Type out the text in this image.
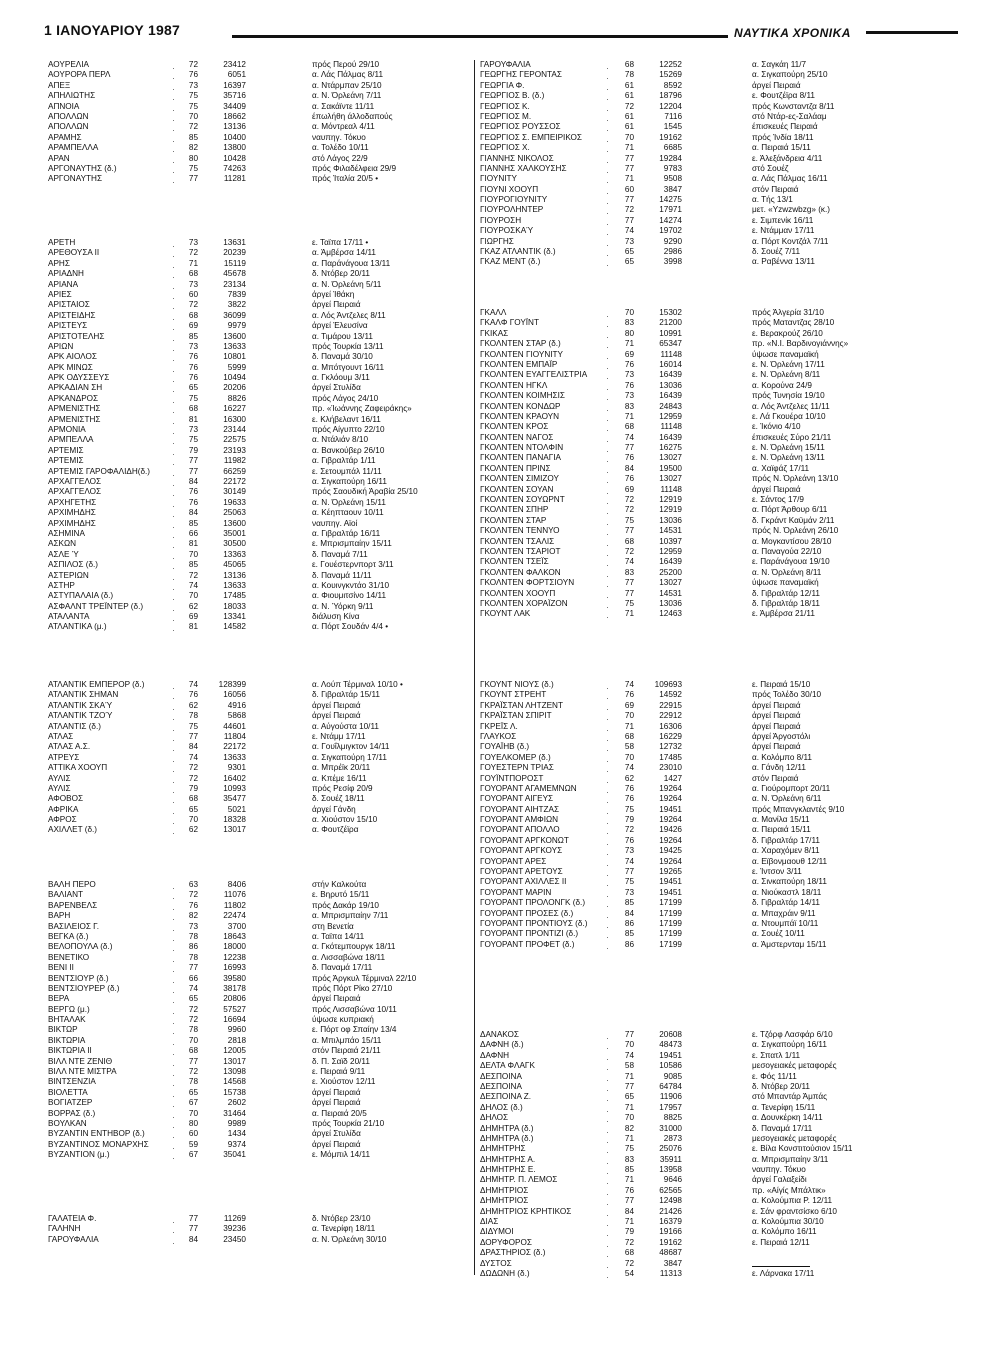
1 ΙΑΝΟΥΑΡΙΟΥ 1987	ΝΑΥΤΙΚΑ ΧΡΟΝΙΚΑ
ΑΟΥΡΕΛΙΑ	72	23412	πρός Περού 29/10
ΑΟΥΡΟΡΑ ΠΕΡΛ	76	6051	α. Λάς Πάλμας 8/11
ΑΠΕΞ	73	16397	α. Ντάρμπαν 25/10
ΑΠΗΛΙΩΤΗΣ	75	35716	α. Ν. Όρλεάνη 7/11
ΑΠΝΟΙΑ	75	34409	α. Σακάϊντε 11/11
ΑΠΟΛΛΩΝ	70	18662	έπωλήθη άλλοδαπούς
ΑΠΟΛΛΩΝ	72	13136	α. Μόντρεαλ 4/11
ΑΡΑΜΗΣ	85	10400	ναυπηγ. Τόκυο
ΑΡΑΜΠΕΛΛΑ	82	13800	α. Τολέδο 10/11
ΑΡΑΝ	80	10428	στό Λάγος 22/9
ΑΡΓΟΝΑΥΤΗΣ (δ.)	75	74263	πρός Φιλαδέλφεια 29/9
ΑΡΓΟΝΑΥΤΗΣ	77	11281	πρός Ίταλία 20/5 •
ΑΡΕΤΗ	73	13631	ε. Ταϊπα 17/11 •
ΑΡΕΘΟΥΣΑ ΙΙ	72	20239	α. Άμβέρσα 14/11
ΑΡΗΣ	71	15119	α. Παράνάγουα 13/11
ΑΡΙΑΔΝΗ	68	45678	δ. Ντόβερ 20/11
ΑΡΙΑΝΑ	73	23134	α. Ν. Όρλεάνη 5/11
ΑΡΙΕΣ	60	7839	άργεί Ίθάκη
ΑΡΙΣΤΑΙΟΣ	72	3822	άργεί Πειραιά
ΑΡΙΣΤΕΙΔΗΣ	68	36099	α. Λός Άντζελες 8/11
ΑΡΙΣΤΕΥΣ	69	9979	άργεί Έλευσίνα
ΑΡΙΣΤΟΤΕΛΗΣ	85	13600	α. Τιμάρου 13/11
ΑΡΙΩΝ	73	13633	πρός Τουρκία 13/11
ΑΡΚ ΑΙΟΛΟΣ	76	10801	δ. Παναμά 30/10
ΑΡΚ ΜΙΝΩΣ	76	5999	α. Μπότγουντ 16/11
ΑΡΚ ΟΔΥΣΣΕΥΣ	76	10494	α. Γκλόουμ 3/11
ΑΡΚΑΔΙΑΝ ΣΗ	65	20206	άργεί Στυλίδα
ΑΡΚΑΝΔΡΟΣ	75	8826	πρός Λάγος 24/10
ΑΡΜΕΝΙΣΤΗΣ	68	16227	πρ. «Ίωάννης Ζαφειράκης»
ΑΡΜΕΝΙΣΤΗΣ	81	16300	ε. Κλήβελαντ 16/11
ΑΡΜΟΝΙΑ	73	23144	πρός Αίγυπτο 22/10
ΑΡΜΠΕΛΛΑ	75	22575	α. Ντάλιάν 8/10
ΑΡΤΕΜΙΣ	79	23193	α. Βανκούβερ 26/10
ΑΡΤΕΜΙΣ	77	11982	α. Γιβραλτάρ 1/11
ΑΡΤΕΜΙΣ ΓΑΡΟΦΑΛΙΔΗ(δ.)	77	66259	ε. Σετουμπάλ 11/11
ΑΡΧΑΓΓΕΛΟΣ	84	22172	α. Σιγκαπούρη 16/11
ΑΡΧΑΓΓΕΛΟΣ	76	30149	πρός Σαουδική Άραβία 25/10
ΑΡΧΗΓΕΤΗΣ	76	19633	α. Ν. Όρλεάνη 15/11
ΑΡΧΙΜΗΔΗΣ	84	25063	α. Κέηπταουν 10/11
ΑΡΧΙΜΗΔΗΣ	85	13600	ναυπηγ. Αϊοί
ΑΣΗΜΙΝΑ	66	35001	α. Γιβραλτάρ 16/11
ΑΣΚΩΝ	81	30500	ε. Μπρισμπαίην 15/11
ΑΣΛΕ Ύ	70	13363	δ. Παναμά 7/11
ΑΣΠΙΛΟΣ (δ.)	85	45065	ε. Γουέστερνπορτ 3/11
ΑΣΤΕΡΙΩΝ	72	13136	δ. Παναμά 11/11
ΑΣΤΗΡ	74	13633	α. Κουινγκντάο 31/10
ΑΣΤΥΠΑΛΑΙΑ (δ.)	70	17485	α. Φιουμιτσίνο 14/11
ΑΣΦΑΛΝΤ ΤΡΕΪΝΤΕΡ (δ.)	62	18033	α. Ν. Ύόρκη 9/11
ΑΤΑΛΑΝΤΑ	69	13341	διάλυση Κίνα
ΑΤΛΑΝΤΙΚΑ (μ.)	81	14582	α. Πόρτ Σουδάν 4/4 •
ΑΤΛΑΝΤΙΚ ΕΜΠΕΡΟΡ (δ.)	74	128399	α. Λούπ Τέρμιναλ 10/10 •
ΑΤΛΑΝΤΙΚ ΣΗΜΑΝ	76	16056	δ. Γιβραλτάρ 15/11
ΑΤΛΑΝΤΙΚ ΣΚΑΎ	62	4916	άργεί Πειραιά
ΑΤΛΑΝΤΙΚ ΤΖΟΎ	78	5868	άργεί Πειραιά
ΑΤΛΑΝΤΙΣ (δ.)	75	44601	α. Αύγούστα 10/11
ΑΤΛΑΣ	77	11804	ε. Ντάμμ 17/11
ΑΤΛΑΣ Α.Σ.	84	22172	α. Γουΐλμιγκτον 14/11
ΑΤΡΕΥΣ	74	13633	α. Σιγκαπούρη 17/11
ΑΤΤΙΚΑ ΧΟΟΥΠ	72	9301	α. Μπρέϊκ 20/11
ΑΥΛΙΣ	72	16402	α. Κπέμε 16/11
ΑΥΛΙΣ	79	10993	πρός Ρεσίφ 20/9
ΑΦΟΒΟΣ	68	35477	δ. Σουέζ 18/11
ΑΦΡΙΚΑ	65	5021	άργεί Γάνδη
ΑΦΡΟΣ	70	18328	α. Χιούστον 15/10
ΑΧΙΛΛΕΤ (δ.)	62	13017	α. Φουτζέϊρα
ΒΑΛΗ ΠΕΡΟ	63	8406	στήν Καλκούτα
ΒΑΛΙΑΝΤ	72	11076	ε. Βηρυτό 15/11
ΒΑΡΕΝΒΕΛΣ	76	11802	πρός Δακάρ 19/10
ΒΑΡΗ	82	22474	α. Μπρισμπαίην 7/11
ΒΑΣΙΛΕΙΟΣ Γ.	73	3700	στη Βενετία
ΒΕΓΚΑ (δ.)	78	18643	α. Ταϊπα 14/11
ΒΕΛΟΠΟΥΛΑ (δ.)	86	18000	α. Γκότεμπουργκ 18/11
ΒΕΝΕΤΙΚΟ	78	12238	α. Λισσαβώνα 18/11
ΒΕΝΙ ΙΙ	77	16993	δ. Παναμά 17/11
ΒΕΝΤΣΙΟΥΡ (δ.)	66	39580	πρός Άργκυλ Τέρμιναλ 22/10
ΒΕΝΤΣΙΟΥΡΕΡ (δ.)	74	38178	πρός Πόρτ Ρίκο 27/10
ΒΕΡΑ	65	20806	άργεί Πειραιά
ΒΕΡΓΩ (μ.)	72	57527	πρός Λισσαβώνα 10/11
ΒΗΤΑΛΑΚ	72	16694	ύψωσε κυπριακή
ΒΙΚΤΩΡ	78	9960	ε. Πόρτ οφ Σπαίην 13/4
ΒΙΚΤΩΡΙΑ	70	2818	α. Μπιλμπάο 15/11
ΒΙΚΤΩΡΙΑ ΙΙ	68	12005	στόν Πειραιά 21/11
ΒΙΛΛ ΝΤΕ ΖΕΝΙΘ	77	13017	δ. Π. Σαϊδ 20/11
ΒΙΛΛ ΝΤΕ ΜΙΣΤΡΑ	72	13098	ε. Πειραιά 9/11
ΒΙΝΤΣΕΝΖΙΑ	78	14568	ε. Χιούστον 12/11
ΒΙΟΛΕΤΤΑ	65	15738	άργεί Πειραιά
ΒΟΓΙΑΤΖΕΡ	67	2602	άργεί Πειραιά
ΒΟΡΡΑΣ (δ.)	70	31464	α. Πειραιά 20/5
ΒΟΥΛΚΑΝ	80	9989	πρός Τουρκία 21/10
ΒΥΖΑΝΤΙΝ ΕΝΤΗΒΟΡ (δ.)	60	1434	άργεί Στυλίδα
ΒΥΖΑΝΤΙΝΟΣ ΜΟΝΑΡΧΗΣ	59	9374	άργεί Πειραιά
ΒΥΖΑΝΤΙΟΝ (μ.)	67	35041	ε. Μόμπιλ 14/11
ΓΑΛΑΤΕΙΑ Φ.	77	11269	δ. Ντόβερ 23/10
ΓΑΛΗΝΗ	77	39236	α. Τενερίφη 18/11
ΓΑΡΟΥΦΑΛΙΑ	84	23450	α. Ν. Όρλεάνη 30/10
ΓΑΡΟΥΦΑΛΙΑ	68	12252	α. Σαγκάη 11/7
ΓΕΩΡΓΗΣ ΓΕΡΟΝΤΑΣ	78	15269	α. Σιγκαπούρη 25/10
ΓΕΩΡΓΙΑ Φ.	61	8592	άργεί Πειραιά
ΓΕΩΡΓΙΟΣ Β. (δ.)	61	18796	ε. Φουτζέϊρα 8/11
ΓΕΩΡΓΙΟΣ Κ.	72	12204	πρός Κωνσταντζα 8/11
ΓΕΩΡΓΙΟΣ Μ.	61	7116	στό Ντάρ-ες-Σαλάαμ
ΓΕΩΡΓΙΟΣ ΡΟΥΣΣΟΣ	61	1545	έπισκευές Πειραιά
ΓΕΩΡΓΙΟΣ Σ. ΕΜΠΕΙΡΙΚΟΣ	70	19162	πρός Ίνδία 18/11
ΓΕΩΡΓΙΟΣ Χ.	71	6685	α. Πειραιά 15/11
ΓΙΑΝΝΗΣ ΝΙΚΟΛΟΣ	77	19284	ε. Άλεξάνδρεια 4/11
ΓΙΑΝΝΗΣ ΧΑΛΚΟΥΣΗΣ	77	9783	στό Σουέζ
ΓΙΟΥΝΙΤΥ	71	9508	α. Λάς Πάλμας 16/11
ΓΙΟΥΝΙ ΧΟΟΥΠ	60	3847	στόν Πειραιά
ΓΙΟΥΡΟΓΙΟΥΝΙΤΥ	77	14275	α. Τής 13/1
ΓΙΟΥΡΟΛΗΝΤΕΡ	72	17971	μετ. «Yzwzwbzg» (κ.)
ΓΙΟΥΡΟΣΗ	77	14274	ε. Σιμπενίκ 16/11
ΓΙΟΥΡΟΣΚΑΎ	74	19702	ε. Ντάμμαν 17/11
ΓΙΩΡΓΗΣ	73	9290	α. Πόρτ Κοντζάλ 7/11
ΓΚΑΖ ΑΤΛΑΝΤΙΚ (δ.)	65	2986	δ. Σουέζ 7/11
ΓΚΑΖ ΜΕΝΤ (δ.)	65	3998	α. Ραβέννα 13/11
ΓΚΑΛΛ	70	15302	πρός Άλγερία 31/10
ΓΚΑΛΦ ΓΟΥΪΝΤ	83	21200	πρός Ματαντζας 28/10
ΓΚΙΚΑΣ	80	10991	ε. Βερακρούζ 26/10
ΓΚΟΛΝΤΕΝ ΣΤΑΡ (δ.)	71	65347	πρ. «Ν.Ι. Βαρδινογιάννης»
ΓΚΟΛΝΤΕΝ ΓΙΟΥΝΙΤΥ	69	11148	ύψωσε παναμαϊκή
ΓΚΟΛΝΤΕΝ ΕΜΠΑΪΡ	76	16014	ε. Ν. Όρλεάνη 17/11
ΓΚΟΛΝΤΕΝ ΕΥΑΓΓΕΛΙΣΤΡΙΑ	73	16439	ε. Ν. Όρλεάνη 8/11
ΓΚΟΛΝΤΕΝ ΗΓΚΛ	76	13036	α. Κορούνα 24/9
ΓΚΟΛΝΤΕΝ ΚΟΙΜΗΣΙΣ	73	16439	πρός Τυνησία 19/10
ΓΚΟΛΝΤΕΝ ΚΟΝΔΩΡ	83	24843	α. Λός Άντζελες 11/11
ΓΚΟΛΝΤΕΝ ΚΡΑΟΥΝ	71	12959	ε. Λά Γκουέρα 10/10
ΓΚΟΛΝΤΕΝ ΚΡΟΣ	68	11148	ε. Ίκόνιο 4/10
ΓΚΟΛΝΤΕΝ ΝΑΓΟΣ	74	16439	έπισκευές Σύρο 21/11
ΓΚΟΛΝΤΕΝ ΝΤΟΛΦΙΝ	77	16275	ε. Ν. Όρλεάνη 15/11
ΓΚΟΛΝΤΕΝ ΠΑΝΑΓΙΑ	76	13027	ε. Ν. Όρλεάνη 13/11
ΓΚΟΛΝΤΕΝ ΠΡΙΝΣ	84	19500	α. Χαϊφάζ 17/11
ΓΚΟΛΝΤΕΝ ΣΙΜΙΖΟΥ	76	13027	πρός Ν. Όρλεάνη 13/10
ΓΚΟΛΝΤΕΝ ΣΟΥΑΝ	69	11148	άργεί Πειραιά
ΓΚΟΛΝΤΕΝ ΣΟΥΩΡΝΤ	72	12919	ε. Σάντος 17/9
ΓΚΟΛΝΤΕΝ ΣΠΗΡ	72	12919	α. Πόρτ Άρθουρ 6/11
ΓΚΟΛΝΤΕΝ ΣΤΑΡ	75	13036	δ. Γκράντ Καϋμάν 2/11
ΓΚΟΛΝΤΕΝ ΤΕΝΝΥΟ	77	14531	πρός Ν. Όρλεάνη 26/10
ΓΚΟΛΝΤΕΝ ΤΣΑΛΙΣ	68	10397	α. Μογκαντίσου 28/10
ΓΚΟΛΝΤΕΝ ΤΣΑΡΙΟΤ	72	12959	α. Παναγούα 22/10
ΓΚΟΛΝΤΕΝ ΤΣΕΪΣ	74	16439	ε. Παράνάγουα 19/10
ΓΚΟΛΝΤΕΝ ΦΑΛΚΟΝ	83	25200	α. Ν. Όρλεάνη 8/11
ΓΚΟΛΝΤΕΝ ΦΟΡΤΣΙΟΥΝ	77	13027	ύψωσε παναμαϊκή
ΓΚΟΛΝΤΕΝ ΧΟΟΥΠ	77	14531	δ. Γιβραλτάρ 12/11
ΓΚΟΛΝΤΕΝ ΧΟΡΑΪΖΟΝ	75	13036	δ. Γιβραλτάρ 18/11
ΓΚΟΥΝΤ ΛΑΚ	71	12463	ε. Άμβέρσα 21/11
ΓΚΟΥΝΤ ΝΙΟΥΣ (δ.)	74	109693	ε. Πειραιά 15/10
ΓΚΟΥΝΤ ΣΤΡΕΗΤ	76	14592	πρός Τολέδο 30/10
ΓΚΡΑΪΣΤΑΝ ΛΗΤΖΕΝΤ	69	22915	άργεί Πειραιά
ΓΚΡΑΪΣΤΑΝ ΣΠΙΡΙΤ	70	22912	άργεί Πειραιά
ΓΚΡΕΪΣ Λ.	71	16306	άργεί Πειραιά
ΓΛΑΥΚΟΣ	68	16229	άργεί Άργοστόλι
ΓΟΥΑΪΗΒ (δ.)	58	12732	άργεί Πειραιά
ΓΟΥΕΛΚΟΜΕΡ (δ.)	70	17485	α. Κολόμπο 8/11
ΓΟΥΕΣΤΕΡΝ ΤΡΙΑΣ	74	23010	α. Γάνδη 12/11
ΓΟΥΪΝΤΠΟΡΟΣΤ	62	1427	στόν Πειραιά
ΓΟΥΟΡΑΝΤ ΑΓΑΜΕΜΝΩΝ	76	19264	α. Γιούρομπορτ 20/11
ΓΟΥΟΡΑΝΤ ΑΙΓΕΥΣ	76	19264	α. Ν. Όρλεάνη 6/11
ΓΟΥΟΡΑΝΤ ΑΙΗΤΖΑΣ	75	19451	πρός Μπανγκλαντές 9/10
ΓΟΥΟΡΑΝΤ ΑΜΦΙΩΝ	79	19264	α. Μανίλα 15/11
ΓΟΥΟΡΑΝΤ ΑΠΟΛΛΟ	72	19426	α. Πειραιά 15/11
ΓΟΥΟΡΑΝΤ ΑΡΓΚΟΝΩΤ	76	19264	δ. Γιβραλτάρ 17/11
ΓΟΥΟΡΑΝΤ ΑΡΓΚΟΥΣ	73	19425	α. Χαραχόμεν 8/11
ΓΟΥΟΡΑΝΤ ΑΡΕΣ	74	19264	α. Εϊβονμαουθ 12/11
ΓΟΥΟΡΑΝΤ ΑΡΕΤΟΥΣ	77	19265	ε. Ίντσον 3/11
ΓΟΥΟΡΑΝΤ ΑΧΙΛΛΕΣ ΙΙ	75	19451	α. Σινκαπούρη 18/11
ΓΟΥΟΡΑΝΤ ΜΑΡΙΝ	73	19451	α. Νιούκαστλ 18/11
ΓΟΥΟΡΑΝΤ ΠΡΟΛΟΝΓΚ (δ.)	85	17199	δ. Γιβραλτάρ 14/11
ΓΟΥΟΡΑΝΤ ΠΡΟΣΕΣ (δ.)	84	17199	α. Μπαχράιν 9/11
ΓΟΥΟΡΑΝΤ ΠΡΟΝΤΙΟΥΣ (δ.)	86	17199	α. Ντουμπάϊ 10/11
ΓΟΥΟΡΑΝΤ ΠΡΟΝΤΙΖΙ (δ.)	85	17199	α. Σουέζ 10/11
ΓΟΥΟΡΑΝΤ ΠΡΟΦΕΤ (δ.)	86	17199	α. Άμστερνταμ 15/11
ΔΑΝΑΚΟΣ	77	20608	ε. Τζόρφ Λασφάρ 6/10
ΔΑΦΝΗ (δ.)	70	48473	α. Σιγκαπούρη 16/11
ΔΑΦΝΗ	74	19451	ε. Σπατλ 1/11
ΔΕΛΤΑ ΦΛΑΓΚ	58	10586	μεσογειακές μεταφορές
ΔΕΣΠΟΙΝΑ	71	9085	ε. Φός 11/11
ΔΕΣΠΟΙΝΑ	77	64784	δ. Ντόβερ 20/11
ΔΕΣΠΟΙΝΑ Ζ.	65	11906	στό Μπαντάρ Άμπάς
ΔΗΛΟΣ (δ.)	71	17957	α. Τενερίφη 15/11
ΔΗΛΟΣ	70	8825	α. Δουνκέρκη 14/11
ΔΗΜΗΤΡΑ (δ.)	82	31000	δ. Παναμά 17/11
ΔΗΜΗΤΡΑ (δ.)	71	2873	μεσογειακές μεταφορές
ΔΗΜΗΤΡΗΣ	75	25076	ε. Βίλα Κονστιτούσιον 15/11
ΔΗΜΗΤΡΗΣ Α.	83	35911	α. Μπρισμπαίην 3/11
ΔΗΜΗΤΡΗΣ Ε.	85	13958	ναυπηγ. Τόκυο
ΔΗΜΗΤΡ. Π. ΛΕΜΟΣ	71	9646	άργεί Γαλαξείδι
ΔΗΜΗΤΡΙΟΣ	76	62565	πρ. «Αίγίς Μπάλτικ»
ΔΗΜΗΤΡΙΟΣ	77	12498	α. Κολούμπια Ρ. 12/11
ΔΗΜΗΤΡΙΟΣ ΚΡΗΤΙΚΟΣ	84	21426	ε. Σάν φραντσίσκο 6/10
ΔΙΑΣ	71	16379	α. Κολούμπια 30/10
ΔΙΔΥΜΟΙ	79	19166	α. Κολόμπο 16/11
ΔΟΡΥΦΟΡΟΣ	72	19162	ε. Πειραιά 12/11
ΔΡΑΣΤΗΡΙΟΣ (δ.)	68	48687
ΔΥΣΤΟΣ	72	3847
ΔΩΔΩΝΗ (δ.)	54	11313	ε. Λάρνακα 17/11
